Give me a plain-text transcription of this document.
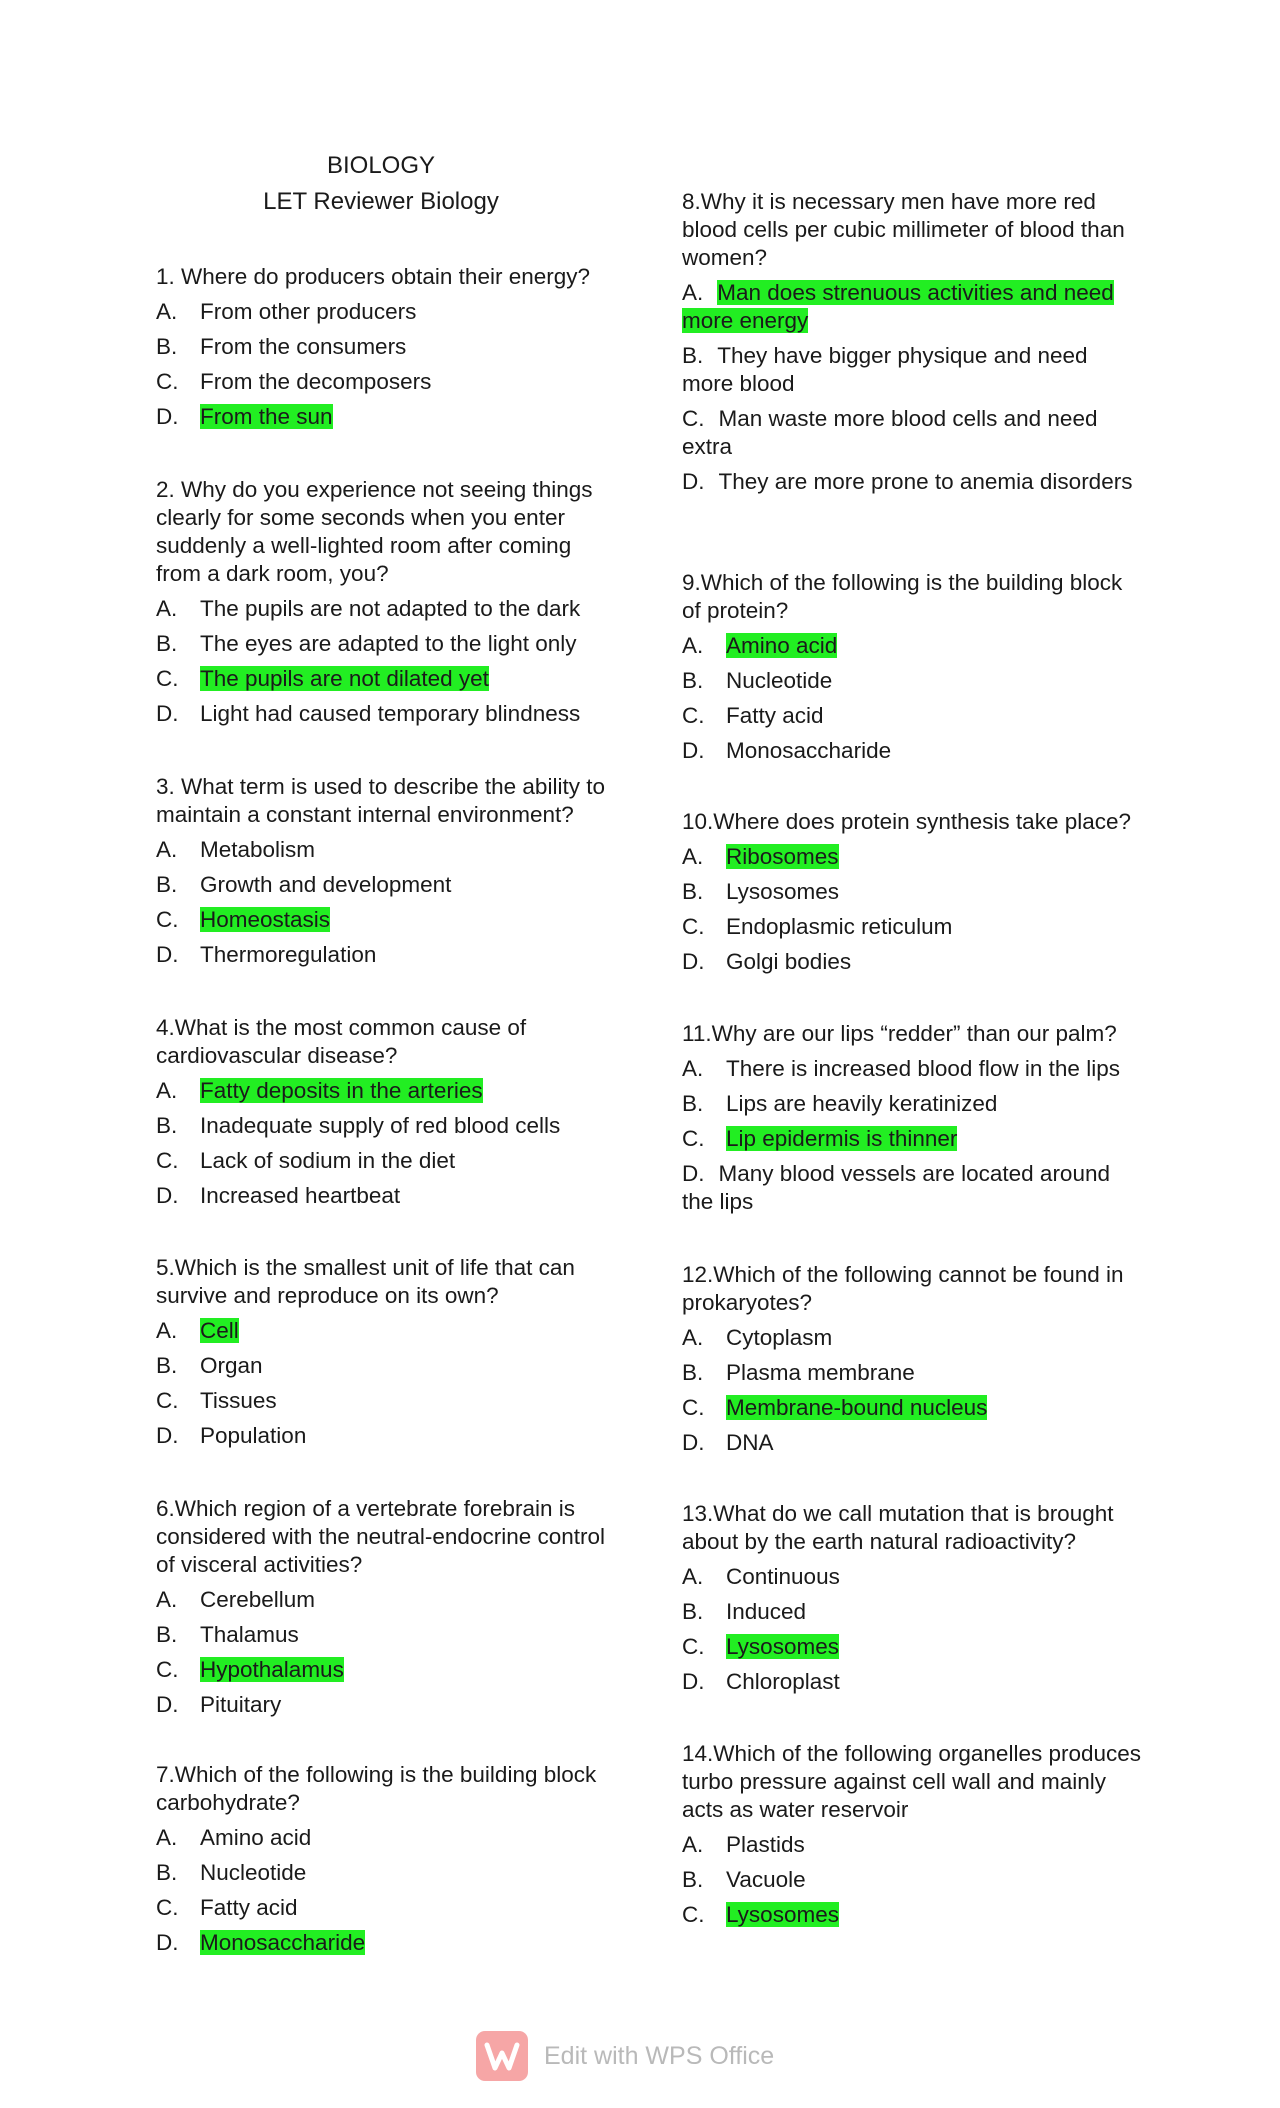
BIOLOGY
LET Reviewer Biology
1. Where do producers obtain their energy?
A.	From other producers
B.	From the consumers
C. From the decomposers
D. From the sun
2. Why do you experience not seeing things clearly for some seconds when you enter suddenly a well-lighted room after coming from a dark room, you?
A.	The pupils are not adapted to the dark
B.	The eyes are adapted to the light only
C. The pupils are not dilated yet
D. Light had caused temporary blindness
3. What term is used to describe the ability to maintain a constant internal environment?
A.	Metabolism
B.	Growth and development
C. Homeostasis
D. Thermoregulation
4.What is the most common cause of cardiovascular disease?
A.	Fatty deposits in the arteries
B.	Inadequate supply of red blood cells
C. Lack of sodium in the diet
D. Increased heartbeat
5.Which is the smallest unit of life that can survive and reproduce on its own?
A.	Cell
B.	Organ
C. Tissues
D. Population
6.Which region of a vertebrate forebrain is considered with the neutral-endocrine control of visceral activities?
A.	Cerebellum
B.	Thalamus
C. Hypothalamus
D. Pituitary
7.Which of the following is the building block carbohydrate?
A.	Amino acid
B.	Nucleotide
C. Fatty acid
D. Monosaccharide
8.Why it is necessary men have more red blood cells per cubic millimeter of blood than women?
A. Man does strenuous activities and need more energy
B. They have bigger physique and need more blood
C. Man waste more blood cells and need extra
D. They are more prone to anemia disorders
9.Which of the following is the building block of protein?
A.	Amino acid
B.	Nucleotide
C. Fatty acid
D. Monosaccharide
10.Where does protein synthesis take place?
A.	Ribosomes
B.	Lysosomes
C. Endoplasmic reticulum
D. Golgi bodies
11.Why are our lips “redder” than our palm?
A.	There is increased blood flow in the lips
B.	Lips are heavily keratinized
C. Lip epidermis is thinner
D. Many blood vessels are located around the lips
12.Which of the following cannot be found in prokaryotes?
A.	Cytoplasm
B.	Plasma membrane
C. Membrane-bound nucleus
D. DNA
13.What do we call mutation that is brought about by the earth natural radioactivity?
A.	Continuous
B.	Induced
C. Lysosomes
D. Chloroplast
14.Which of the following organelles produces turbo pressure against cell wall and mainly acts as water reservoir
A.	Plastids
B.	Vacuole
C. Lysosomes
Edit with WPS Office
